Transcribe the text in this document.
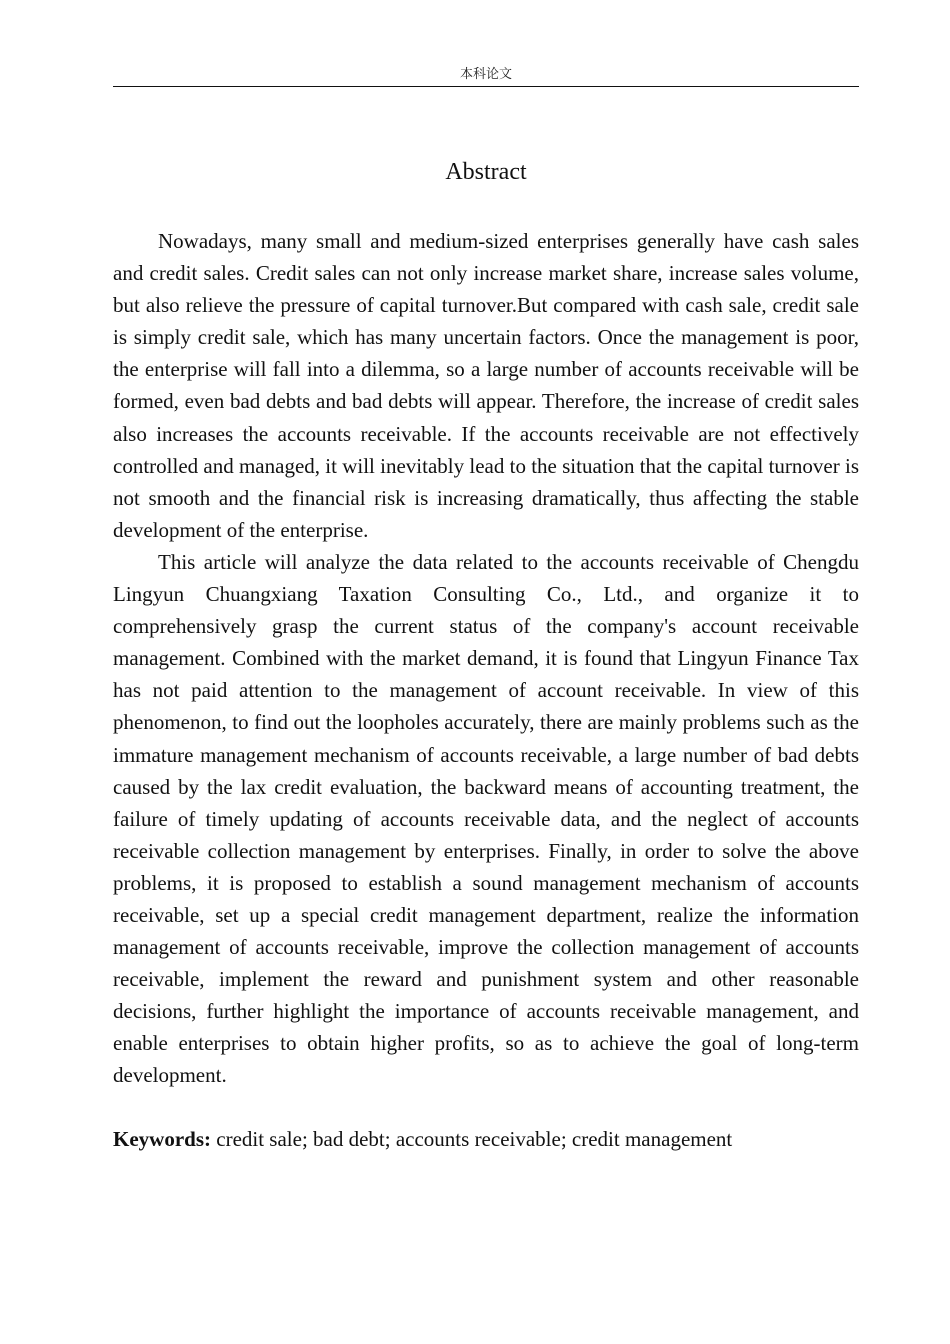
本科论文
Abstract

Nowadays, many small and medium-sized enterprises generally have cash sales and credit sales. Credit sales can not only increase market share, increase sales volume, but also relieve the pressure of capital turnover.But compared with cash sale, credit sale is simply credit sale, which has many uncertain factors. Once the management is poor, the enterprise will fall into a dilemma, so a large number of accounts receivable will be formed, even bad debts and bad debts will appear. Therefore, the increase of credit sales also increases the accounts receivable. If the accounts receivable are not effectively controlled and managed, it will inevitably lead to the situation that the capital turnover is not smooth and the financial risk is increasing dramatically, thus affecting the stable development of the enterprise.

This article will analyze the data related to the accounts receivable of Chengdu Lingyun Chuangxiang Taxation Consulting Co., Ltd., and organize it to comprehensively grasp the current status of the company's account receivable management. Combined with the market demand, it is found that Lingyun Finance Tax has not paid attention to the management of account receivable. In view of this phenomenon, to find out the loopholes accurately, there are mainly problems such as the immature management mechanism of accounts receivable, a large number of bad debts caused by the lax credit evaluation, the backward means of accounting treatment, the failure of timely updating of accounts receivable data, and the neglect of accounts receivable collection management by enterprises. Finally, in order to solve the above problems, it is proposed to establish a sound management mechanism of accounts receivable, set up a special credit management department, realize the information management of accounts receivable, improve the collection management of accounts receivable, implement the reward and punishment system and other reasonable decisions, further highlight the importance of accounts receivable management, and enable enterprises to obtain higher profits, so as to achieve the goal of long-term development.

Keywords: credit sale; bad debt; accounts receivable; credit management
